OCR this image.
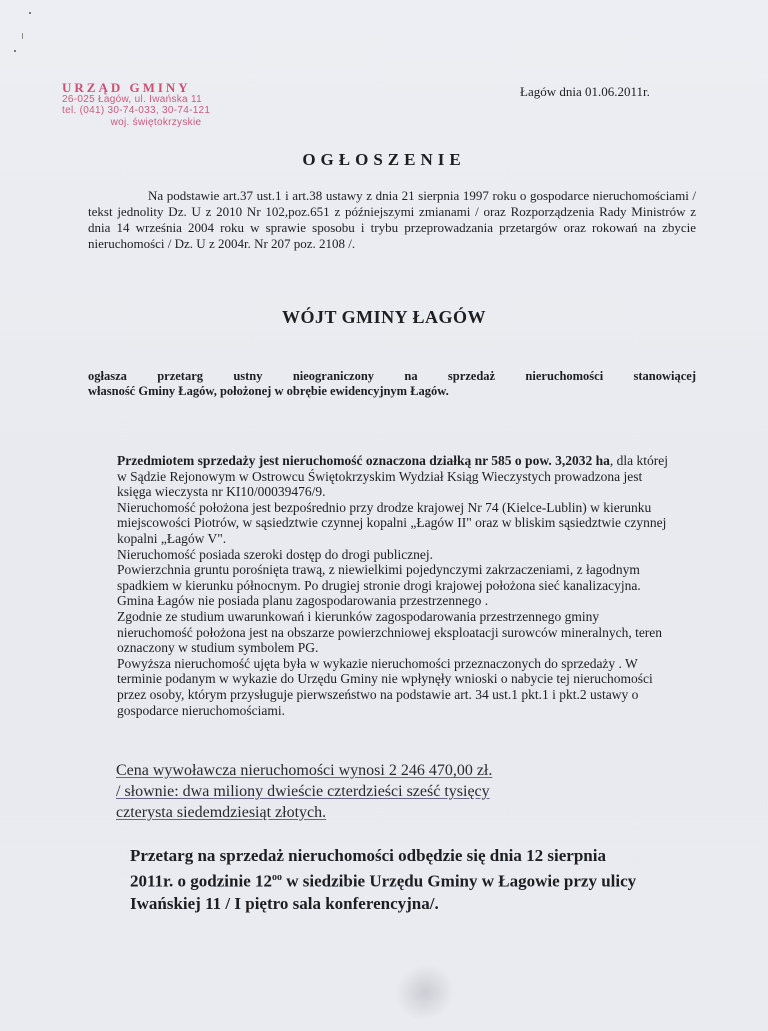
URZĄD GMINY
26-025 Łagów, ul. Iwańska 11
tel. (041) 30-74-033, 30-74-121
woj. świętokrzyskie
Łagów dnia 01.06.2011r.
OGŁOSZENIE
Na podstawie art.37 ust.1 i art.38 ustawy z dnia 21 sierpnia 1997 roku o gospodarce nieruchomościami / tekst jednolity Dz. U z 2010 Nr 102,poz.651 z późniejszymi zmianami / oraz Rozporządzenia Rady Ministrów z dnia 14 września 2004 roku w sprawie sposobu i trybu przeprowadzania przetargów oraz rokowań na zbycie nieruchomości / Dz. U z 2004r. Nr 207 poz. 2108 /.
WÓJT GMINY ŁAGÓW
ogłasza przetarg ustny nieograniczony na sprzedaż nieruchomości stanowiącej
własność Gminy Łagów, położonej w obrębie ewidencyjnym Łagów.

Przedmiotem sprzedaży jest nieruchomość oznaczona działką nr 585 o pow. 3,2032 ha, dla której w Sądzie Rejonowym w Ostrowcu Świętokrzyskim Wydział Ksiąg Wieczystych prowadzona jest księga wieczysta nr KI10/00039476/9.

Nieruchomość położona jest bezpośrednio przy drodze krajowej Nr 74 (Kielce-Lublin) w kierunku miejscowości Piotrów, w sąsiedztwie czynnej kopalni „Łagów II" oraz w bliskim sąsiedztwie czynnej kopalni „Łagów V".

Nieruchomość posiada szeroki dostęp do drogi publicznej.

Powierzchnia gruntu porośnięta trawą, z niewielkimi pojedynczymi zakrzaczeniami, z łagodnym spadkiem w kierunku północnym. Po drugiej stronie drogi krajowej położona sieć kanalizacyjna. Gmina Łagów nie posiada planu zagospodarowania przestrzennego .

Zgodnie ze studium uwarunkowań i kierunków zagospodarowania przestrzennego gminy nieruchomość położona jest na obszarze powierzchniowej eksploatacji surowców mineralnych, teren oznaczony w studium symbolem PG.

Powyższa nieruchomość ujęta była w wykazie nieruchomości przeznaczonych do sprzedaży . W terminie podanym w wykazie do Urzędu Gminy nie wpłynęły wnioski o nabycie tej nieruchomości przez osoby, którym przysługuje pierwszeństwo na podstawie art. 34 ust.1 pkt.1 i pkt.2 ustawy o gospodarce nieruchomościami.

Cena wywoławcza nieruchomości wynosi 2 246 470,00 zł.
/ słownie: dwa miliony dwieście czterdzieści sześć tysięcy
czterysta siedemdziesiąt złotych.
Przetarg na sprzedaż nieruchomości odbędzie się dnia 12 sierpnia 2011r. o godzinie $12^{oo}$ w siedzibie Urzędu Gminy w Łagowie przy ulicy Iwańskiej 11 / I piętro sala konferencyjna/.
